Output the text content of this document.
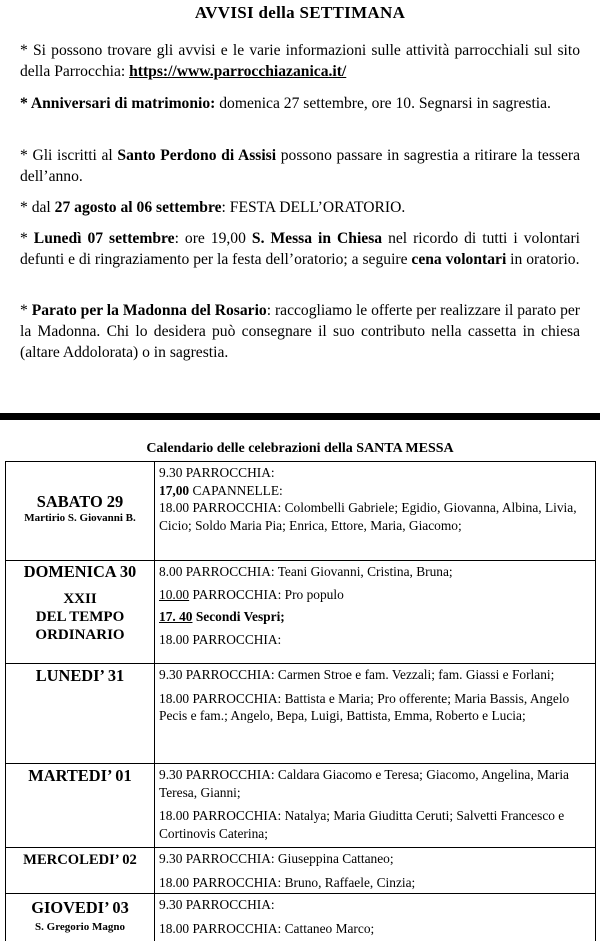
AVVISI della SETTIMANA

* Si possono trovare gli avvisi e le varie informazioni sulle attività parrocchiali sul sito della Parrocchia: https://www.parrocchiazanica.it/

* Anniversari di matrimonio: domenica 27 settembre, ore 10. Segnarsi in sagrestia.

* Gli iscritti al Santo Perdono di Assisi possono passare in sagrestia a ritirare la tessera dell’anno.

* dal 27 agosto al 06 settembre: FESTA DELL’ORATORIO.

* Lunedì 07 settembre: ore 19,00 S. Messa in Chiesa nel ricordo di tutti i volontari defunti e di ringraziamento per la festa dell’oratorio; a seguire cena volontari in oratorio.

* Parato per la Madonna del Rosario: raccogliamo le offerte per realizzare il parato per la Madonna. Chi lo desidera può consegnare il suo contributo nella cassetta in chiesa (altare Addolorata) o in sagrestia.

Calendario delle celebrazioni della SANTA MESSA
SABATO 29
Martirio S. Giovanni B.	9.30 PARROCCHIA:
17,00 CAPANNELLE:
18.00 PARROCCHIA: Colombelli Gabriele; Egidio, Giovanna, Albina, Livia, Cicio; Soldo Maria Pia; Enrica, Ettore, Maria, Giacomo;

DOMENICA 30
XXII
DEL TEMPO
ORDINARIO	8.00 PARROCCHIA: Teani Giovanni, Cristina, Bruna;
10.00 PARROCCHIA: Pro populo
17. 40 Secondi Vespri;
18.00 PARROCCHIA:

LUNEDI’ 31	9.30 PARROCCHIA: Carmen Stroe e fam. Vezzali; fam. Giassi e Forlani;
18.00 PARROCCHIA: Battista e Maria; Pro offerente; Maria Bassis, Angelo Pecis e fam.; Angelo, Bepa, Luigi, Battista, Emma, Roberto e Lucia;

MARTEDI’ 01	9.30 PARROCCHIA: Caldara Giacomo e Teresa; Giacomo, Angelina, Maria Teresa, Gianni;
18.00 PARROCCHIA: Natalya; Maria Giuditta Ceruti; Salvetti Francesco e Cortinovis Caterina;

MERCOLEDI’ 02	9.30 PARROCCHIA: Giuseppina Cattaneo;
18.00 PARROCCHIA: Bruno, Raffaele, Cinzia;

GIOVEDI’ 03
S. Gregorio Magno	9.30 PARROCCHIA:
18.00 PARROCCHIA: Cattaneo Marco;
